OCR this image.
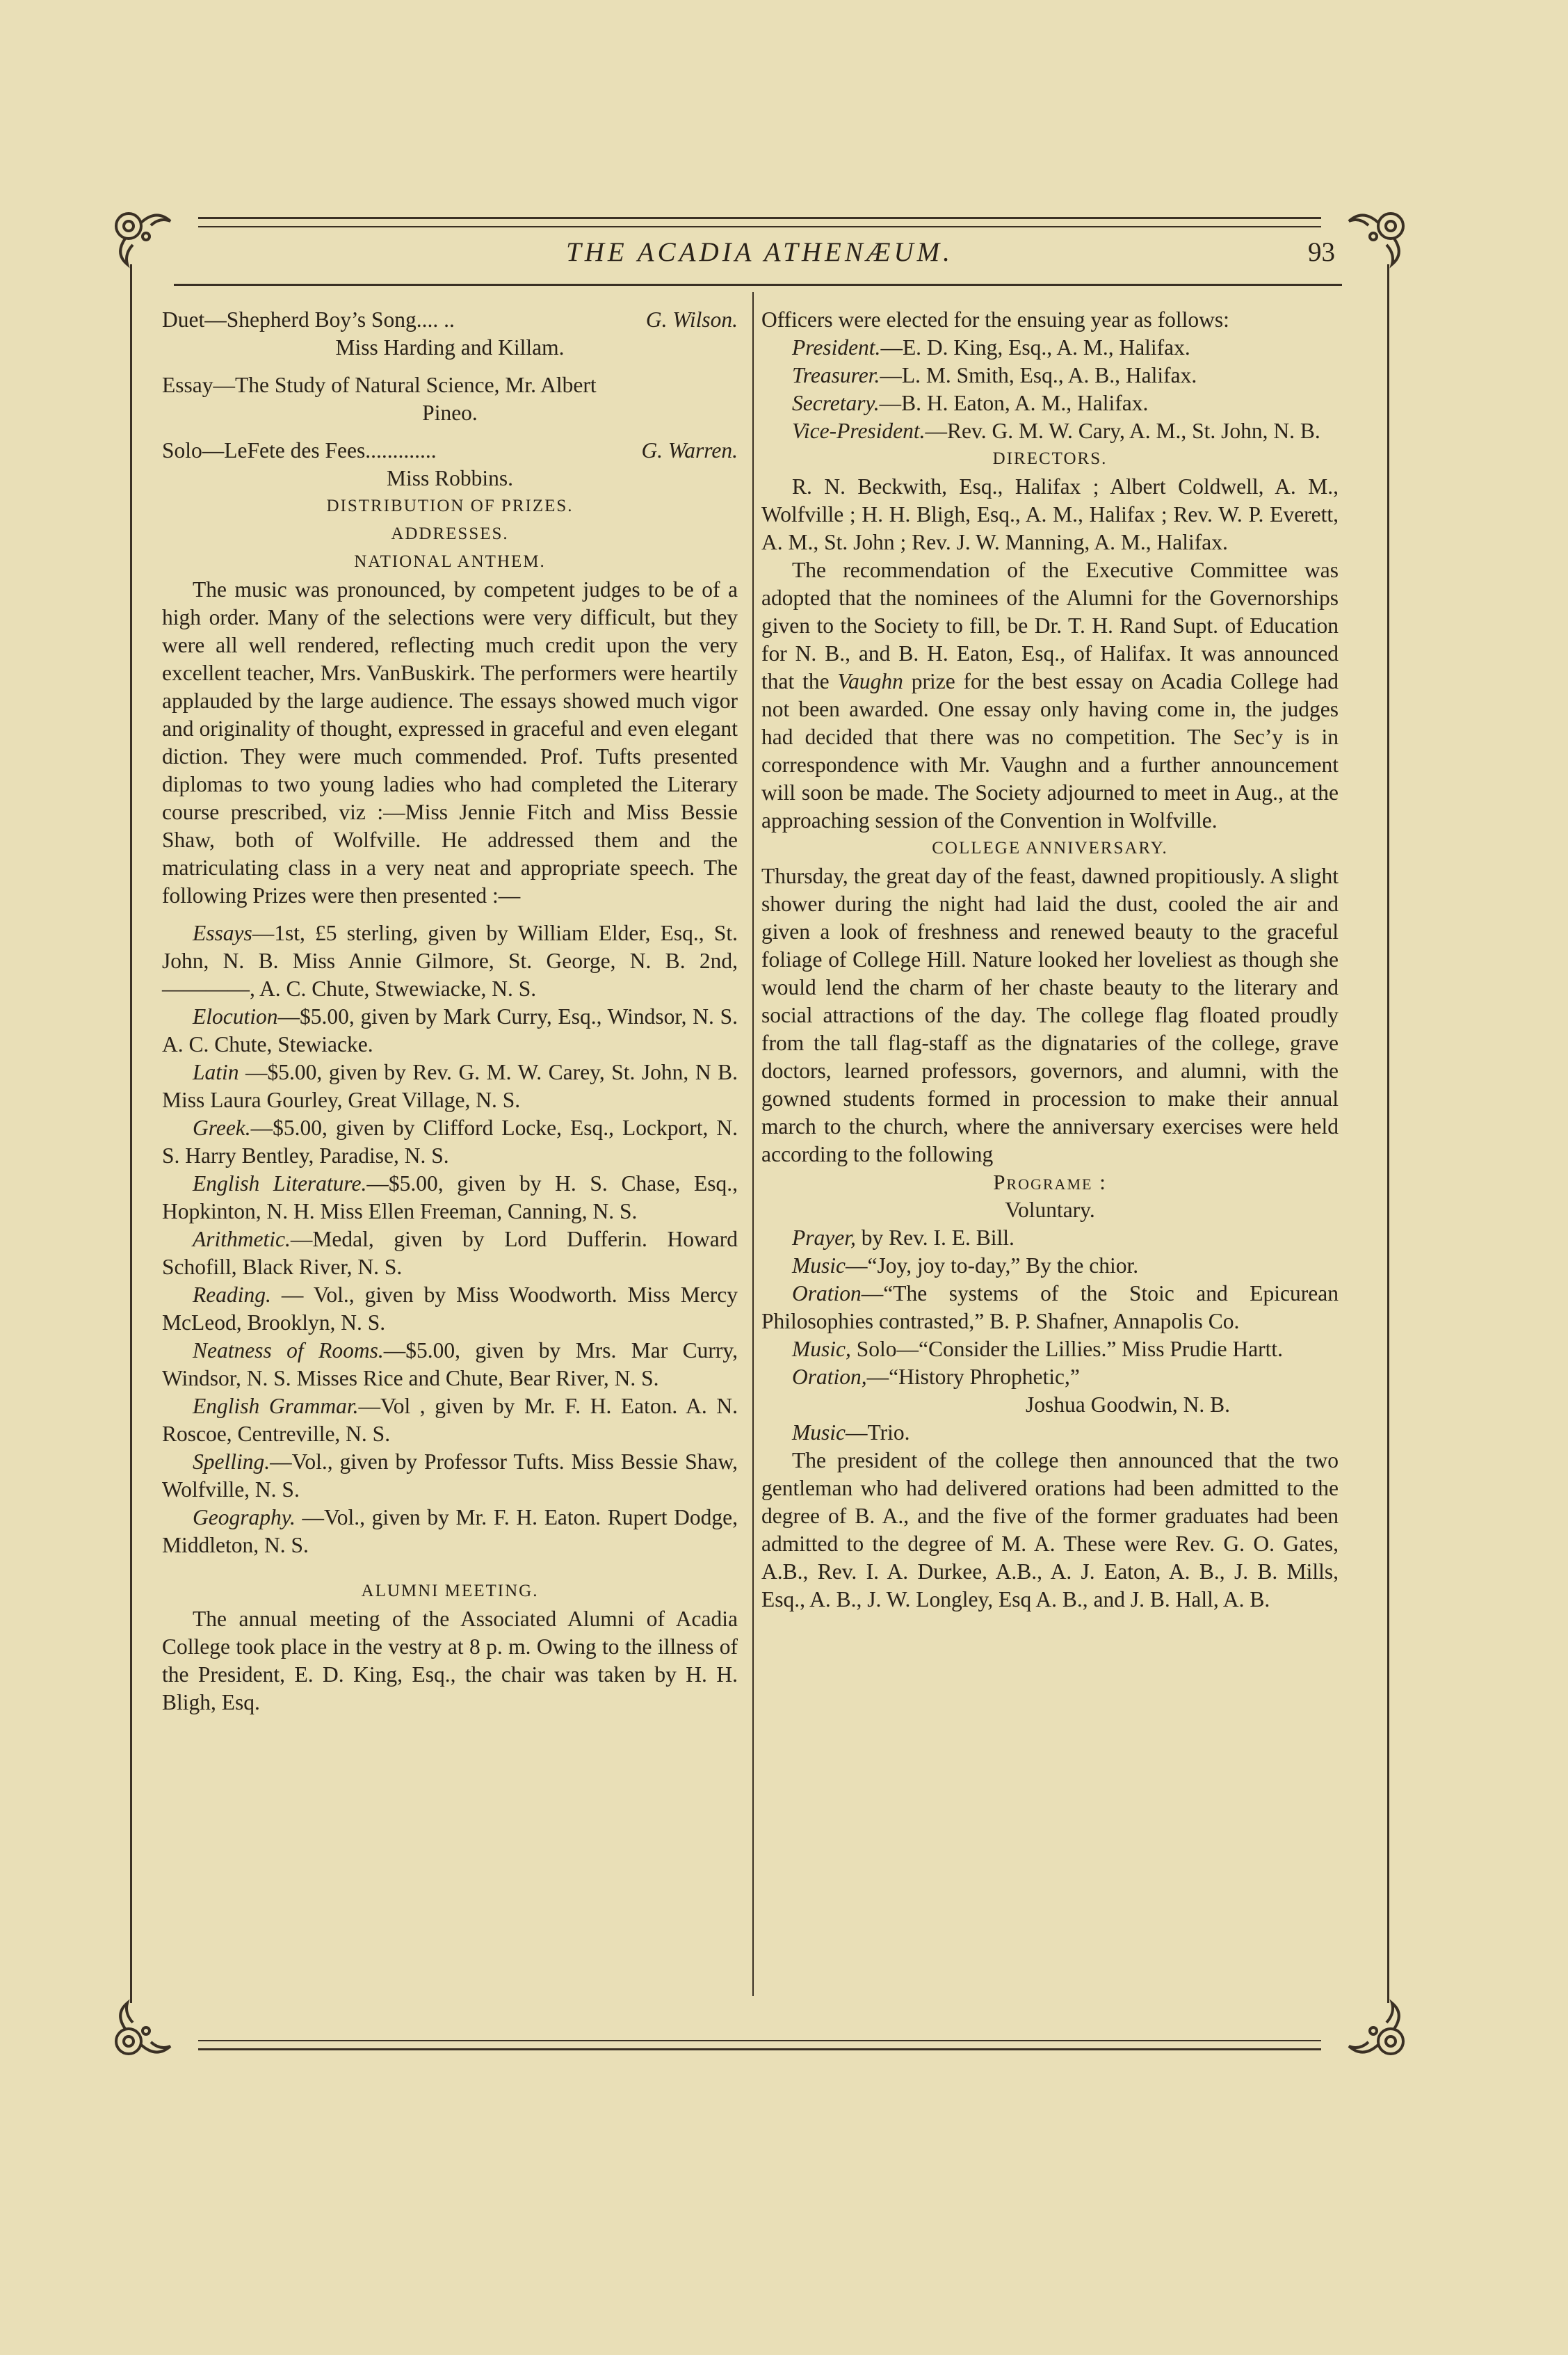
THE ACADIA ATHENÆUM.	93
Duet—Shepherd Boy’s Song.... ..	G. Wilson.

Miss Harding and Killam.

Essay—The Study of Natural Science, Mr. Albert

Pineo.

Solo—LeFete des Fees.............	G. Warren.

Miss Robbins.

DISTRIBUTION OF PRIZES.

ADDRESSES.

NATIONAL ANTHEM.

The music was pronounced, by competent judges to be of a high order. Many of the selections were very difficult, but they were all well rendered, reflecting much credit upon the very excellent teacher, Mrs. VanBuskirk. The performers were heartily applauded by the large audience. The essays showed much vigor and originality of thought, expressed in graceful and even elegant diction. They were much commended. Prof. Tufts presented diplomas to two young ladies who had completed the Literary course prescribed, viz :—Miss Jennie Fitch and Miss Bessie Shaw, both of Wolfville. He addressed them and the matriculating class in a very neat and appropriate speech. The following Prizes were then presented :—

Essays—1st, £5 sterling, given by William Elder, Esq., St. John, N. B. Miss Annie Gilmore, St. George, N. B. 2nd, ————, A. C. Chute, Stwewiacke, N. S.

Elocution—$5.00, given by Mark Curry, Esq., Windsor, N. S. A. C. Chute, Stewiacke.

Latin —$5.00, given by Rev. G. M. W. Carey, St. John, N B. Miss Laura Gourley, Great Village, N. S.

Greek.—$5.00, given by Clifford Locke, Esq., Lockport, N. S. Harry Bentley, Paradise, N. S.

English Literature.—$5.00, given by H. S. Chase, Esq., Hopkinton, N. H. Miss Ellen Freeman, Canning, N. S.

Arithmetic.—Medal, given by Lord Dufferin. Howard Schofill, Black River, N. S.

Reading. — Vol., given by Miss Woodworth. Miss Mercy McLeod, Brooklyn, N. S.

Neatness of Rooms.—$5.00, given by Mrs. Mar Curry, Windsor, N. S. Misses Rice and Chute, Bear River, N. S.

English Grammar.—Vol , given by Mr. F. H. Eaton. A. N. Roscoe, Centreville, N. S.

Spelling.—Vol., given by Professor Tufts. Miss Bessie Shaw, Wolfville, N. S.

Geography. —Vol., given by Mr. F. H. Eaton. Rupert Dodge, Middleton, N. S.

ALUMNI MEETING.

The annual meeting of the Associated Alumni of Acadia College took place in the vestry at 8 p. m. Owing to the illness of the President, E. D. King, Esq., the chair was taken by H. H. Bligh, Esq.

Officers were elected for the ensuing year as follows:

President.—E. D. King, Esq., A. M., Halifax.

Treasurer.—L. M. Smith, Esq., A. B., Halifax.

Secretary.—B. H. Eaton, A. M., Halifax.

Vice-President.—Rev. G. M. W. Cary, A. M., St. John, N. B.

DIRECTORS.

R. N. Beckwith, Esq., Halifax ; Albert Coldwell, A. M., Wolfville ; H. H. Bligh, Esq., A. M., Halifax ; Rev. W. P. Everett, A. M., St. John ; Rev. J. W. Manning, A. M., Halifax.

The recommendation of the Executive Committee was adopted that the nominees of the Alumni for the Governorships given to the Society to fill, be Dr. T. H. Rand Supt. of Education for N. B., and B. H. Eaton, Esq., of Halifax. It was announced that the Vaughn prize for the best essay on Acadia College had not been awarded. One essay only having come in, the judges had decided that there was no competition. The Sec’y is in correspondence with Mr. Vaughn and a further announcement will soon be made. The Society adjourned to meet in Aug., at the approaching session of the Convention in Wolfville.

COLLEGE ANNIVERSARY.

Thursday, the great day of the feast, dawned propitiously. A slight shower during the night had laid the dust, cooled the air and given a look of freshness and renewed beauty to the graceful foliage of College Hill. Nature looked her loveliest as though she would lend the charm of her chaste beauty to the literary and social attractions of the day. The college flag floated proudly from the tall flag-staff as the dignataries of the college, grave doctors, learned professors, governors, and alumni, with the gowned students formed in procession to make their annual march to the church, where the anniversary exercises were held according to the following

Programe :

Voluntary.

Prayer, by Rev. I. E. Bill.

Music—“Joy, joy to-day,” By the chior.

Oration—“The systems of the Stoic and Epicurean Philosophies contrasted,” B. P. Shafner, Annapolis Co.

Music, Solo—“Consider the Lillies.” Miss Prudie Hartt.

Oration,—“History Phrophetic,”

Joshua Goodwin, N. B.

Music—Trio.

The president of the college then announced that the two gentleman who had delivered orations had been admitted to the degree of B. A., and the five of the former graduates had been admitted to the degree of M. A. These were Rev. G. O. Gates, A.B., Rev. I. A. Durkee, A.B., A. J. Eaton, A. B., J. B. Mills, Esq., A. B., J. W. Longley, Esq A. B., and J. B. Hall, A. B.
